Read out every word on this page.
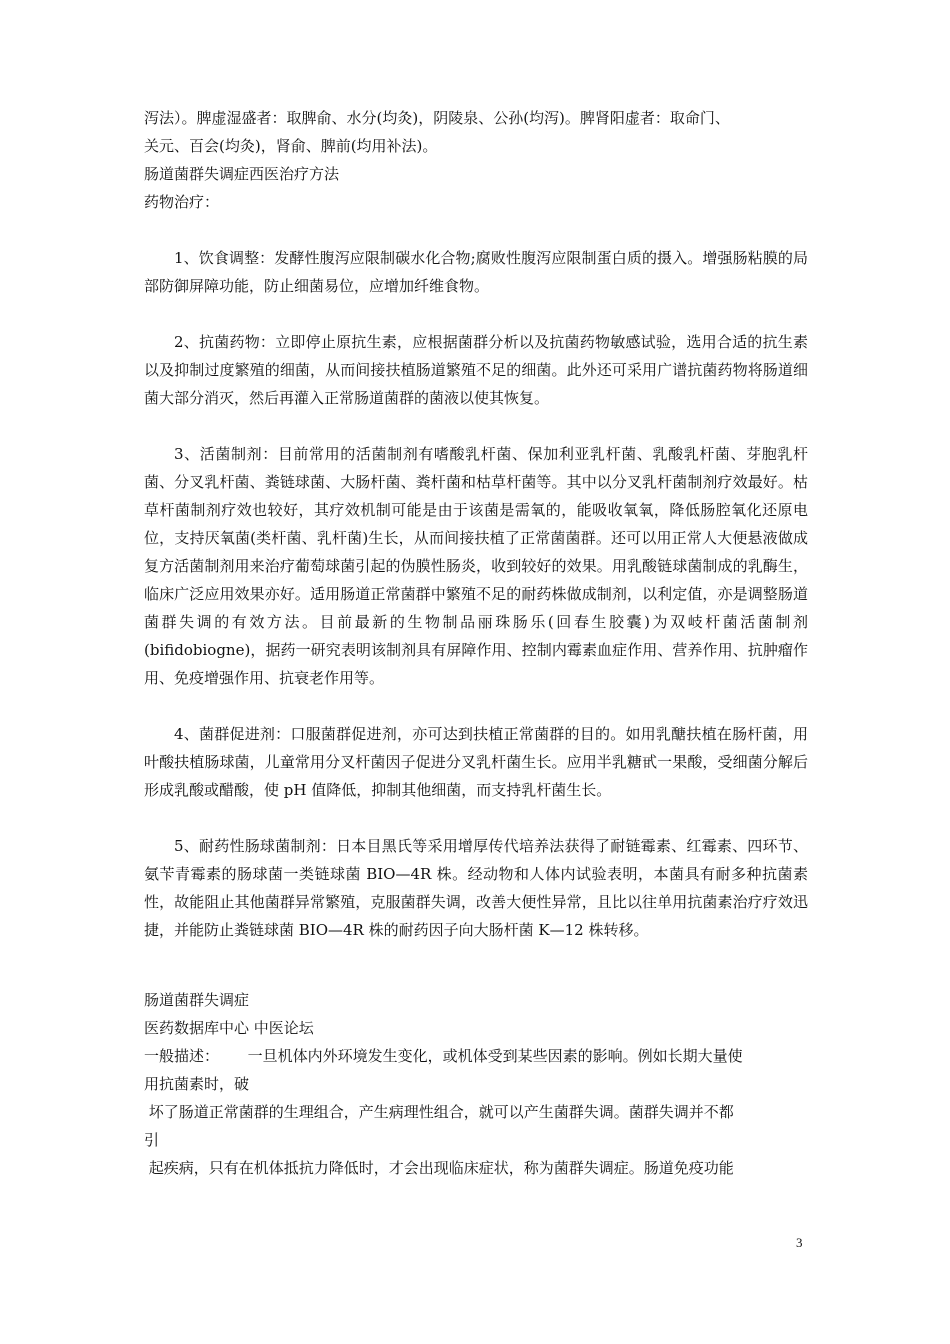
泻法）。脾虚湿盛者：取脾俞、水分(均灸)，阴陵泉、公孙(均泻)。脾肾阳虚者：取命门、
关元、百会(均灸)，肾俞、脾前(均用补法)。
肠道菌群失调症西医治疗方法
药物治疗：

1、饮食调整：发酵性腹泻应限制碳水化合物;腐败性腹泻应限制蛋白质的摄入。增强肠粘膜的局部防御屏障功能，防止细菌易位，应增加纤维食物。

2、抗菌药物：立即停止原抗生素，应根据菌群分析以及抗菌药物敏感试验，选用合适的抗生素以及抑制过度繁殖的细菌，从而间接扶植肠道繁殖不足的细菌。此外还可采用广谱抗菌药物将肠道细菌大部分消灭，然后再灌入正常肠道菌群的菌液以使其恢复。

3、活菌制剂：目前常用的活菌制剂有嗜酸乳杆菌、保加利亚乳杆菌、乳酸乳杆菌、芽胞乳杆菌、分叉乳杆菌、粪链球菌、大肠杆菌、粪杆菌和枯草杆菌等。其中以分叉乳杆菌制剂疗效最好。枯草杆菌制剂疗效也较好，其疗效机制可能是由于该菌是需氧的，能吸收氧氧，降低肠腔氧化还原电位，支持厌氧菌(类杆菌、乳杆菌)生长，从而间接扶植了正常菌菌群。还可以用正常人大便悬液做成复方活菌制剂用来治疗葡萄球菌引起的伪膜性肠炎，收到较好的效果。用乳酸链球菌制成的乳酶生，临床广泛应用效果亦好。适用肠道正常菌群中繁殖不足的耐药株做成制剂，以利定值，亦是调整肠道菌群失调的有效方法。目前最新的生物制品丽珠肠乐(回春生胶囊)为双岐杆菌活菌制剂(bifidobiogne)，据药一研究表明该制剂具有屏障作用、控制内霉素血症作用、营养作用、抗肿瘤作用、免疫增强作用、抗衰老作用等。

4、菌群促进剂：口服菌群促进剂，亦可达到扶植正常菌群的目的。如用乳醣扶植在肠杆菌，用叶酸扶植肠球菌，儿童常用分叉杆菌因子促进分叉乳杆菌生长。应用半乳糖甙一果酸，受细菌分解后形成乳酸或醋酸，使 pH 值降低，抑制其他细菌，而支持乳杆菌生长。

5、耐药性肠球菌制剂：日本目黑氏等采用增厚传代培养法获得了耐链霉素、红霉素、四环节、氨苄青霉素的肠球菌一类链球菌 BIO—4R 株。经动物和人体内试验表明，本菌具有耐多种抗菌素性，故能阻止其他菌群异常繁殖，克服菌群失调，改善大便性异常，且比以往单用抗菌素治疗疗效迅捷，并能防止粪链球菌 BIO—4R 株的耐药因子向大肠杆菌 K—12 株转移。

肠道菌群失调症
医药数据库中心 中医论坛

一般描述：      一旦机体内外环境发生变化，或机体受到某些因素的影响。例如长期大量使

用抗菌素时，破

坏了肠道正常菌群的生理组合，产生病理性组合，就可以产生菌群失调。菌群失调并不都

引

起疾病，只有在机体抵抗力降低时，才会出现临床症状，称为菌群失调症。肠道免疫功能

3
